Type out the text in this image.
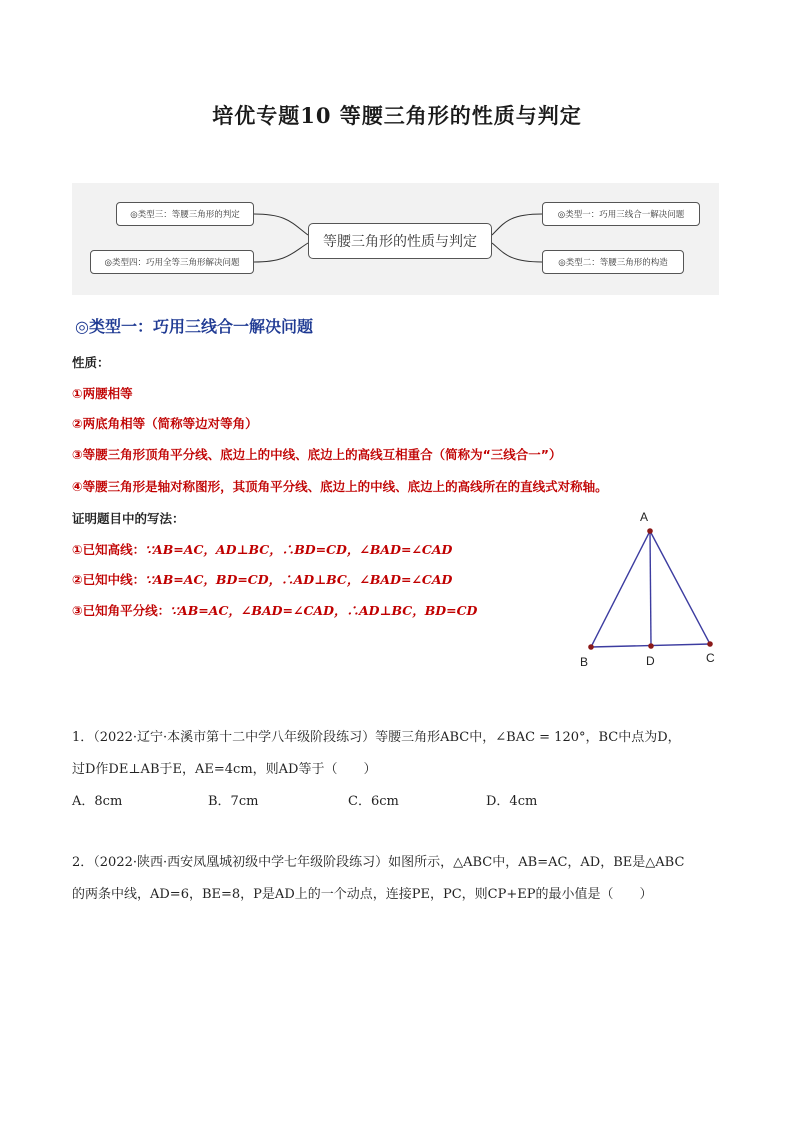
培优专题10 等腰三角形的性质与判定
◎类型三：等腰三角形的判定
◎类型四：巧用全等三角形解决问题
等腰三角形的性质与判定
◎类型一：巧用三线合一解决问题
◎类型二：等腰三角形的构造
◎类型一：巧用三线合一解决问题
性质：
①两腰相等
②两底角相等（简称等边对等角）
③等腰三角形顶角平分线、底边上的中线、底边上的高线互相重合（简称为“三线合一”）
④等腰三角形是轴对称图形，其顶角平分线、底边上的中线、底边上的高线所在的直线式对称轴。
证明题目中的写法：
①已知高线：∵AB=AC，AD⊥BC，∴BD=CD，∠BAD=∠CAD
②已知中线：∵AB=AC，BD=CD，∴AD⊥BC，∠BAD=∠CAD
③已知角平分线：∵AB=AC，∠BAD=∠CAD，∴AD⊥BC，BD=CD
A
B	C
D
1．（2022·辽宁·本溪市第十二中学八年级阶段练习）等腰三角形ABC中，∠BAC = 120°，BC中点为D，
过D作DE⊥AB于E，AE=4cm，则AD等于（　　）
A．8cm	B．7cm	C．6cm	D．4cm
2．（2022·陕西·西安凤凰城初级中学七年级阶段练习）如图所示，△ABC中，AB=AC，AD，BE是△ABC
的两条中线，AD=6，BE=8，P是AD上的一个动点，连接PE，PC，则CP+EP的最小值是（　　）
